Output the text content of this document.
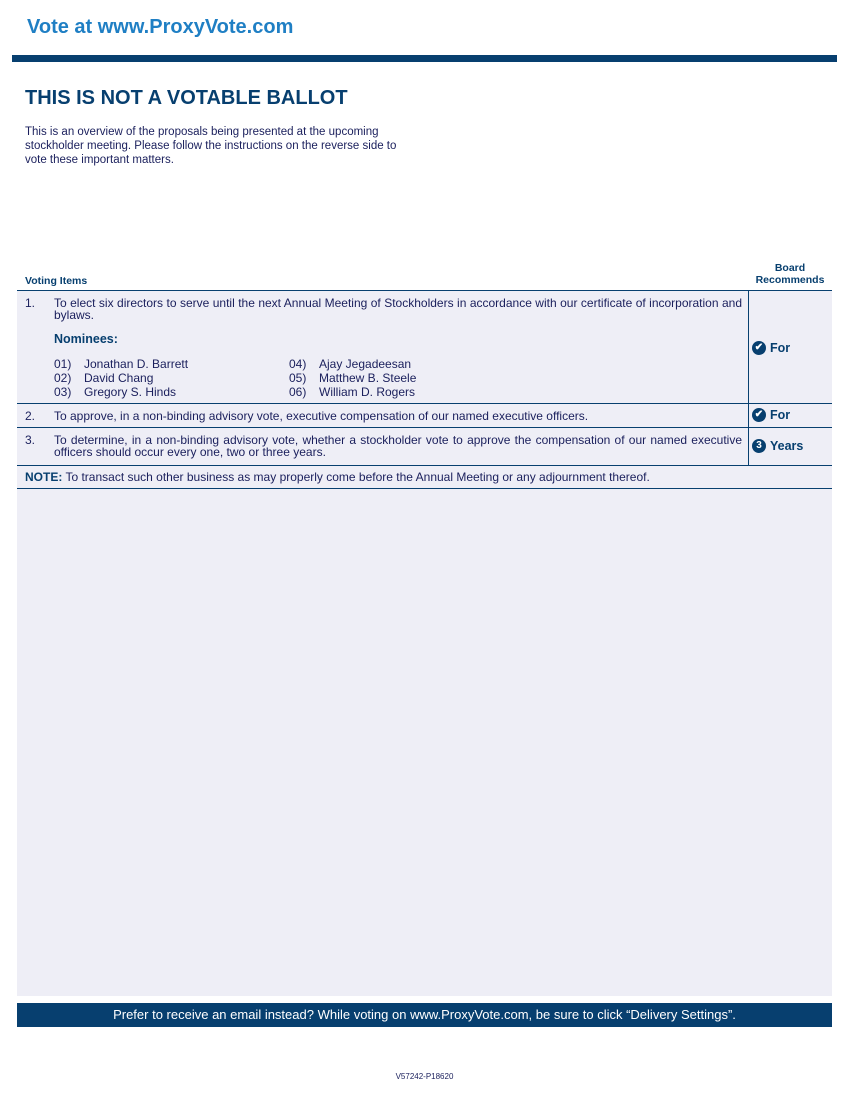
Vote at www.ProxyVote.com
THIS IS NOT A VOTABLE BALLOT

This is an overview of the proposals being presented at the upcoming stockholder meeting. Please follow the instructions on the reverse side to vote these important matters.

Board
Recommends
Voting Items
1. To elect six directors to serve until the next Annual Meeting of Stockholders in accordance with our certificate of incorporation and bylaws.
Nominees:
01) Jonathan D. Barrett
02) David Chang
03) Gregory S. Hinds
04) Ajay Jegadeesan
05) Matthew B. Steele
06) William D. Rogers
✔ For
2. To approve, in a non-binding advisory vote, executive compensation of our named executive officers.	✔ For
3. To determine, in a non-binding advisory vote, whether a stockholder vote to approve the compensation of our named executive officers should occur every one, two or three years.	3 Years
NOTE: To transact such other business as may properly come before the Annual Meeting or any adjournment thereof.
Prefer to receive an email instead? While voting on www.ProxyVote.com, be sure to click “Delivery Settings”.
V57242-P18620
